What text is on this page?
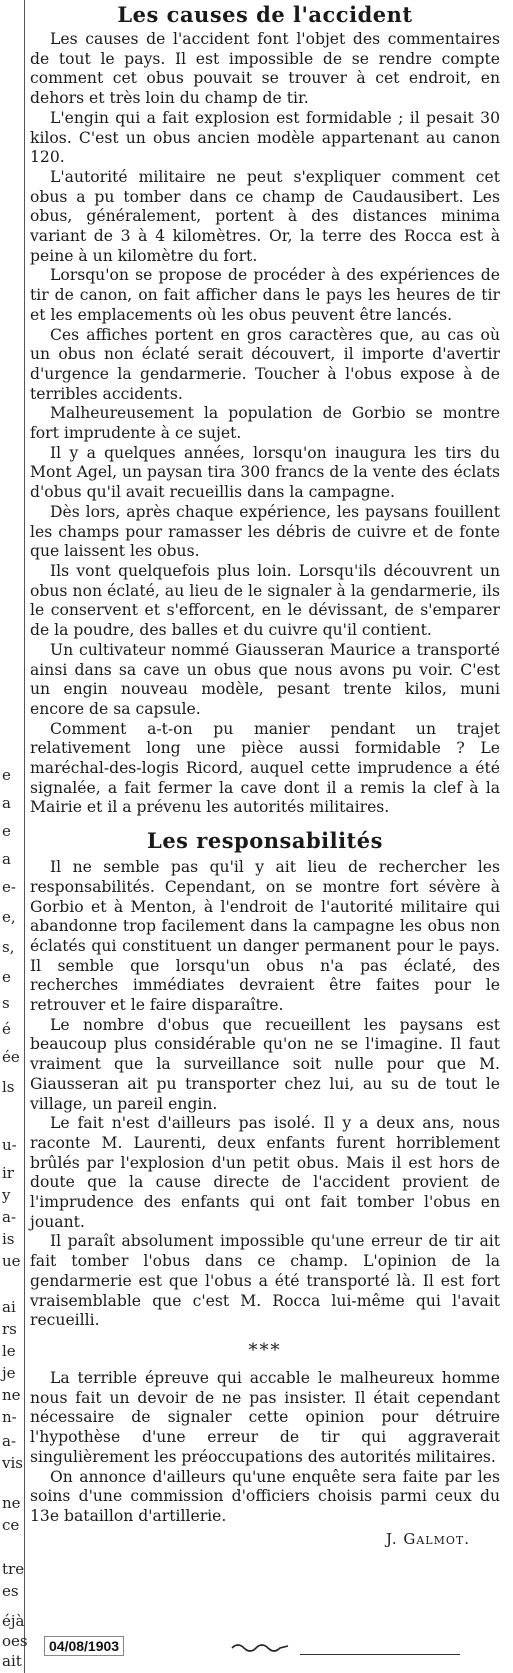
e
a
e
a
e-
e,
s,
e
s
é
ée
ls
u-
ir
y
a-
is
ue
ai
rs
le
je
ne
n-
a-
vis
ne
ce
tre
es
éjà
oes
ait
Les causes de l'accident

Les causes de l'accident font l'objet des commentaires de tout le pays. Il est impossible de se rendre compte comment cet obus pouvait se trouver à cet endroit, en dehors et très loin du champ de tir.

L'engin qui a fait explosion est formidable ; il pesait 30 kilos. C'est un obus ancien modèle appartenant au canon 120.

L'autorité militaire ne peut s'expliquer comment cet obus a pu tomber dans ce champ de Caudausibert. Les obus, généralement, portent à des distances minima variant de 3 à 4 kilomètres. Or, la terre des Rocca est à peine à un kilomètre du fort.

Lorsqu'on se propose de procéder à des expériences de tir de canon, on fait afficher dans le pays les heures de tir et les emplacements où les obus peuvent être lancés.

Ces affiches portent en gros caractères que, au cas où un obus non éclaté serait découvert, il importe d'avertir d'urgence la gendarmerie. Toucher à l'obus expose à de terribles accidents.

Malheureusement la population de Gorbio se montre fort imprudente à ce sujet.

Il y a quelques années, lorsqu'on inaugura les tirs du Mont Agel, un paysan tira 300 francs de la vente des éclats d'obus qu'il avait recueillis dans la campagne.

Dès lors, après chaque expérience, les paysans fouillent les champs pour ramasser les débris de cuivre et de fonte que laissent les obus.

Ils vont quelquefois plus loin. Lorsqu'ils découvrent un obus non éclaté, au lieu de le signaler à la gendarmerie, ils le conservent et s'efforcent, en le dévissant, de s'emparer de la poudre, des balles et du cuivre qu'il contient.

Un cultivateur nommé Giausseran Maurice a transporté ainsi dans sa cave un obus que nous avons pu voir. C'est un engin nouveau modèle, pesant trente kilos, muni encore de sa capsule.

Comment a-t-on pu manier pendant un trajet relativement long une pièce aussi formidable ? Le maréchal-des-logis Ricord, auquel cette imprudence a été signalée, a fait fermer la cave dont il a remis la clef à la Mairie et il a prévenu les autorités militaires.

Les responsabilités

Il ne semble pas qu'il y ait lieu de rechercher les responsabilités. Cependant, on se montre fort sévère à Gorbio et à Menton, à l'endroit de l'autorité militaire qui abandonne trop facilement dans la campagne les obus non éclatés qui constituent un danger permanent pour le pays. Il semble que lorsqu'un obus n'a pas éclaté, des recherches immédiates devraient être faites pour le retrouver et le faire disparaître.

Le nombre d'obus que recueillent les paysans est beaucoup plus considérable qu'on ne se l'imagine. Il faut vraiment que la surveillance soit nulle pour que M. Giausseran ait pu transporter chez lui, au su de tout le village, un pareil engin.

Le fait n'est d'ailleurs pas isolé. Il y a deux ans, nous raconte M. Laurenti, deux enfants furent horriblement brûlés par l'explosion d'un petit obus. Mais il est hors de doute que la cause directe de l'accident provient de l'imprudence des enfants qui ont fait tomber l'obus en jouant.

Il paraît absolument impossible qu'une erreur de tir ait fait tomber l'obus dans ce champ. L'opinion de la gendarmerie est que l'obus a été transporté là. Il est fort vraisemblable que c'est M. Rocca lui-même qui l'avait recueilli.

***

La terrible épreuve qui accable le malheureux homme nous fait un devoir de ne pas insister. Il était cependant nécessaire de signaler cette opinion pour détruire l'hypothèse d'une erreur de tir qui aggraverait singulièrement les préoccupations des autorités militaires.

On annonce d'ailleurs qu'une enquête sera faite par les soins d'une commission d'officiers choisis parmi ceux du 13e bataillon d'artillerie.

J. Galmot.
04/08/1903
